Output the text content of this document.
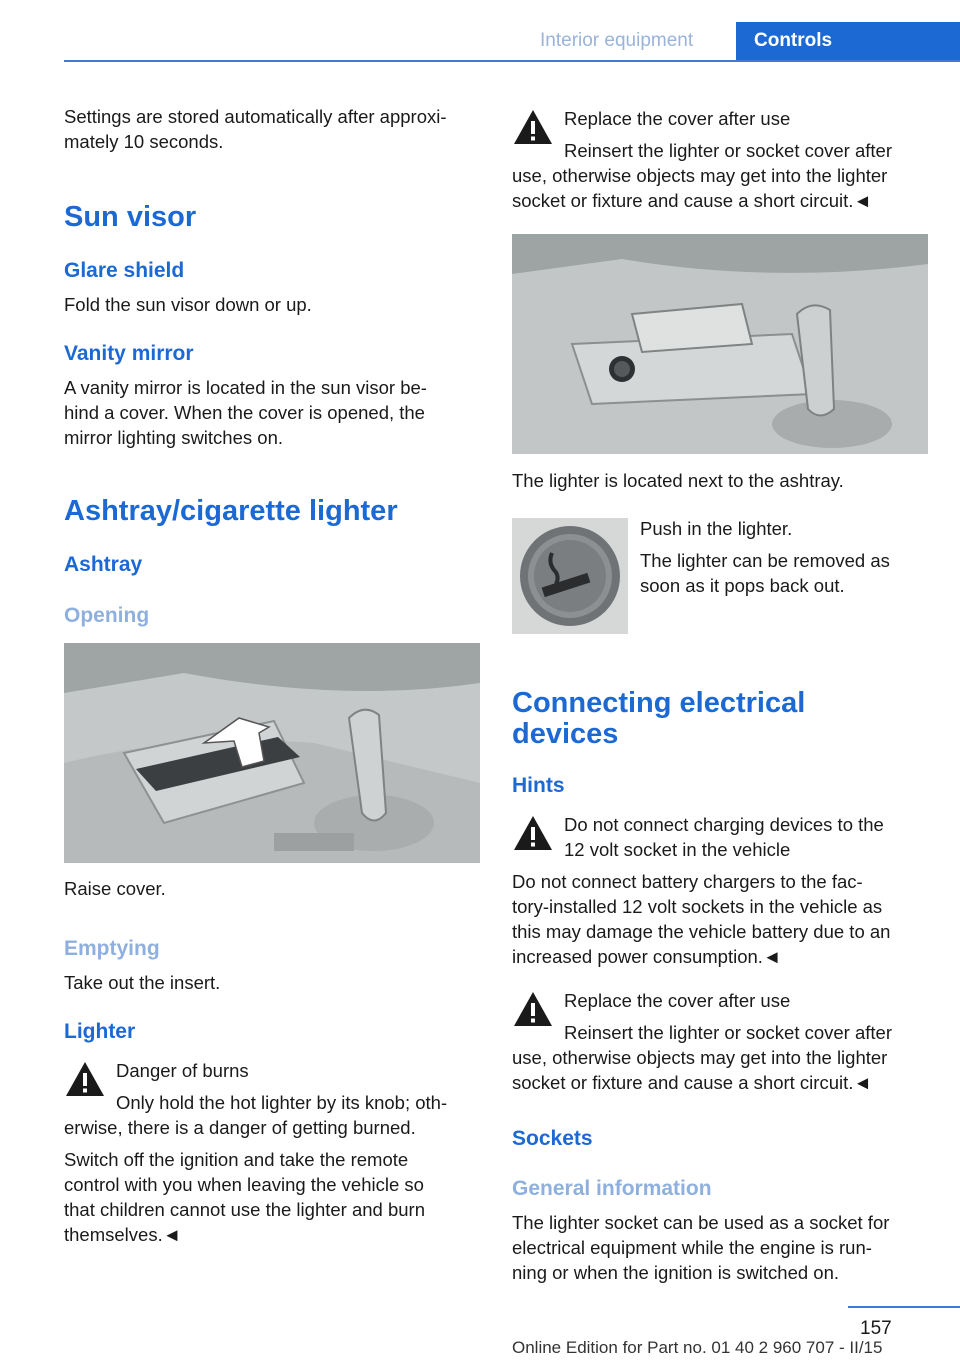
Interior equipment	Controls

Settings are stored automatically after approxi-
mately 10 seconds.

Sun visor
Glare shield

Fold the sun visor down or up.

Vanity mirror

A vanity mirror is located in the sun visor be-
hind a cover. When the cover is opened, the
mirror lighting switches on.

Ashtray/cigarette lighter
Ashtray
Opening

Raise cover.

Emptying

Take out the insert.

Lighter

Danger of burns

Only hold the hot lighter by its knob; oth-
erwise, there is a danger of getting burned.

Switch off the ignition and take the remote
control with you when leaving the vehicle so
that children cannot use the lighter and burn
themselves.◄

Replace the cover after use

Reinsert the lighter or socket cover after
use, otherwise objects may get into the lighter
socket or fixture and cause a short circuit.◄

The lighter is located next to the ashtray.

Push in the lighter.

The lighter can be removed as
soon as it pops back out.

Connecting electrical
devices
Hints

Do not connect charging devices to the
12 volt socket in the vehicle

Do not connect battery chargers to the fac-
tory-installed 12 volt sockets in the vehicle as
this may damage the vehicle battery due to an
increased power consumption.◄

Replace the cover after use

Reinsert the lighter or socket cover after
use, otherwise objects may get into the lighter
socket or fixture and cause a short circuit.◄

Sockets
General information

The lighter socket can be used as a socket for
electrical equipment while the engine is run-
ning or when the ignition is switched on.

157
Online Edition for Part no. 01 40 2 960 707 - II/15
